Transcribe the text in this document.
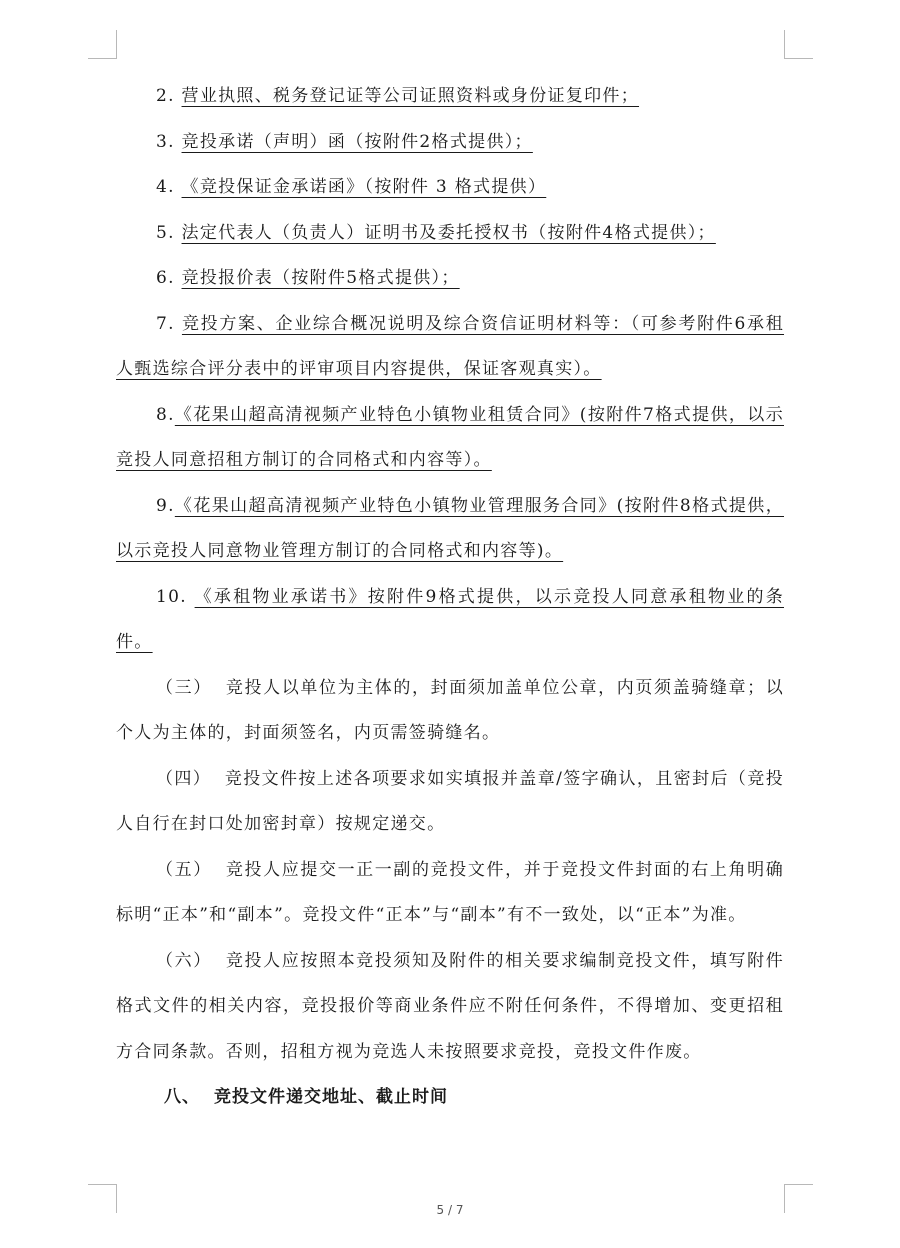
2. 营业执照、税务登记证等公司证照资料或身份证复印件；

3. 竞投承诺（声明）函（按附件2格式提供）；

4. 《竞投保证金承诺函》（按附件 3 格式提供）

5. 法定代表人（负责人）证明书及委托授权书（按附件4格式提供）；

6. 竞投报价表（按附件5格式提供）；

7. 竞投方案、企业综合概况说明及综合资信证明材料等：（可参考附件6承租人甄选综合评分表中的评审项目内容提供，保证客观真实）。

8.《花果山超高清视频产业特色小镇物业租赁合同》(按附件7格式提供，以示竞投人同意招租方制订的合同格式和内容等）。

9.《花果山超高清视频产业特色小镇物业管理服务合同》(按附件8格式提供，以示竞投人同意物业管理方制订的合同格式和内容等)。

10. 《承租物业承诺书》按附件9格式提供，以示竞投人同意承租物业的条件。

（三） 竞投人以单位为主体的，封面须加盖单位公章，内页须盖骑缝章；以个人为主体的，封面须签名，内页需签骑缝名。

（四） 竞投文件按上述各项要求如实填报并盖章/签字确认，且密封后（竞投人自行在封口处加密封章）按规定递交。

（五） 竞投人应提交一正一副的竞投文件，并于竞投文件封面的右上角明确标明“正本”和“副本”。竞投文件“正本”与“副本”有不一致处，以“正本”为准。

（六） 竞投人应按照本竞投须知及附件的相关要求编制竞投文件，填写附件格式文件的相关内容，竞投报价等商业条件应不附任何条件，不得增加、变更招租方合同条款。否则，招租方视为竞选人未按照要求竞投，竞投文件作废。

八、 竞投文件递交地址、截止时间

5 / 7
